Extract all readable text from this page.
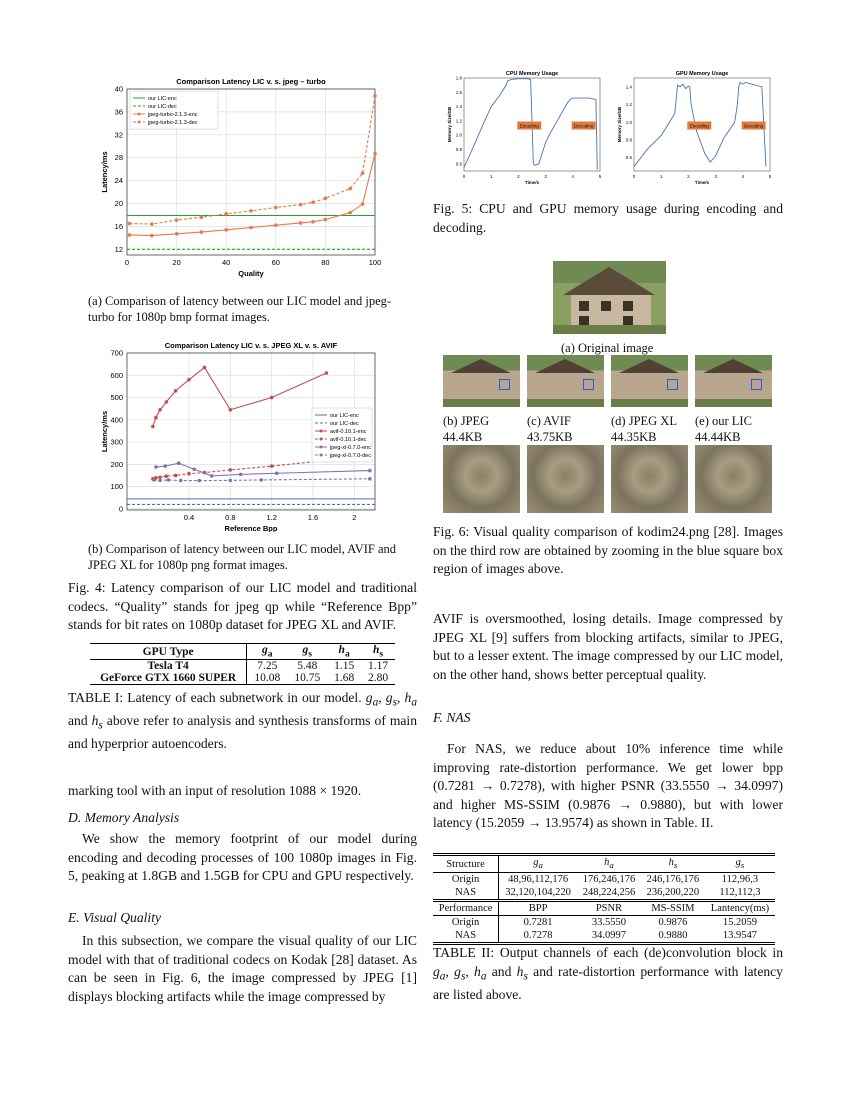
0	20	40	60	80	100
12
16
20
24
28
32
36
40
Comparison Latency LIC v. s. jpeg – turbo
Quality
Latency/ms
our LIC-enc
our LIC-dec
jpeg-turbo-2.1.3-enc
jpeg-turbo-2.1.3-dec
(a) Comparison of latency between our LIC model and jpeg-turbo for 1080p bmp format images.
0.4	0.8	1.2	1.6	2
0
100
200
300
400
500
600
700
Comparison Latency LIC v. s. JPEG XL v. s. AVIF
Reference Bpp
Latency/ms	our LIC-enc
our LIC-dec
avif-0.10.1-enc
avif-0.10.1-dec
jpeg-xl-0.7.0-enc
jpeg-xl-0.7.0-dec
(b) Comparison of latency between our LIC model, AVIF and JPEG XL for 1080p png format images.
Fig. 4: Latency comparison of our LIC model and traditional codecs. “Quality” stands for jpeg qp while “Reference Bpp” stands for bit rates on 1080p dataset for JPEG XL and AVIF.
GPU Type	$g_a$	$g_s$	$h_a$	$h_s$
Tesla T4	7.25	5.48	1.15	1.17
GeForce GTX 1660 SUPER	10.08	10.75	1.68	2.80
TABLE I: Latency of each subnetwork in our model. $g_a$, $g_s$, $h_a$ and $h_s$ above refer to analysis and synthesis transforms of main and hyperprior autoencoders.
marking tool with an input of resolution 1088 × 1920.
D. Memory Analysis
We show the memory footprint of our model during encoding and decoding processes of 100 1080p images in Fig. 5, peaking at 1.8GB and 1.5GB for CPU and GPU respectively.
E. Visual Quality
In this subsection, we compare the visual quality of our LIC model with that of traditional codecs on Kodak [28] dataset. As can be seen in Fig. 6, the image compressed by JPEG [1] displays blocking artifacts while the image compressed by
0	1	2	3	4	5
0.6
0.8
1.0
1.2
1.4
1.6
1.8
CPU Memory Usage
Time/s
Memory Size/GB	Encoding	Decoding
0	1	2	3	4	5
0.6
0.8
1.0
1.2
1.4
GPU Memory Usage
Time/s
Memory Size/GB	Encoding	Decoding
Fig. 5: CPU and GPU memory usage during encoding and decoding.
(a) Original image
(b) JPEG
44.4KB
(c) AVIF
43.75KB
(d) JPEG XL
44.35KB
(e) our LIC
44.44KB
Fig. 6: Visual quality comparison of kodim24.png [28]. Images on the third row are obtained by zooming in the blue square box region of images above.
AVIF is oversmoothed, losing details. Image compressed by JPEG XL [9] suffers from blocking artifacts, similar to JPEG, but to a lesser extent. The image compressed by our LIC model, on the other hand, shows better perceptual quality.
F. NAS
For NAS, we reduce about 10% inference time while improving rate-distortion performance. We get lower bpp (0.7281 → 0.7278), with higher PSNR (33.5550 → 34.0997) and higher MS-SSIM (0.9876 → 0.9880), but with lower latency (15.2059 → 13.9574) as shown in Table. II.
Structure	$g_a$	$h_a$	$h_s$	$g_s$
Origin	48,96,112,176	176,246,176	246,176,176	112,96,3
NAS	32,120,104,220	248,224,256	236,200,220	112,112,3
Performance	BPP	PSNR	MS-SSIM	Lantency(ms)
Origin	0.7281	33.5550	0.9876	15.2059
NAS	0.7278	34.0997	0.9880	13.9547
TABLE II: Output channels of each (de)convolution block in $g_a$, $g_s$, $h_a$ and $h_s$ and rate-distortion performance with latency are listed above.
